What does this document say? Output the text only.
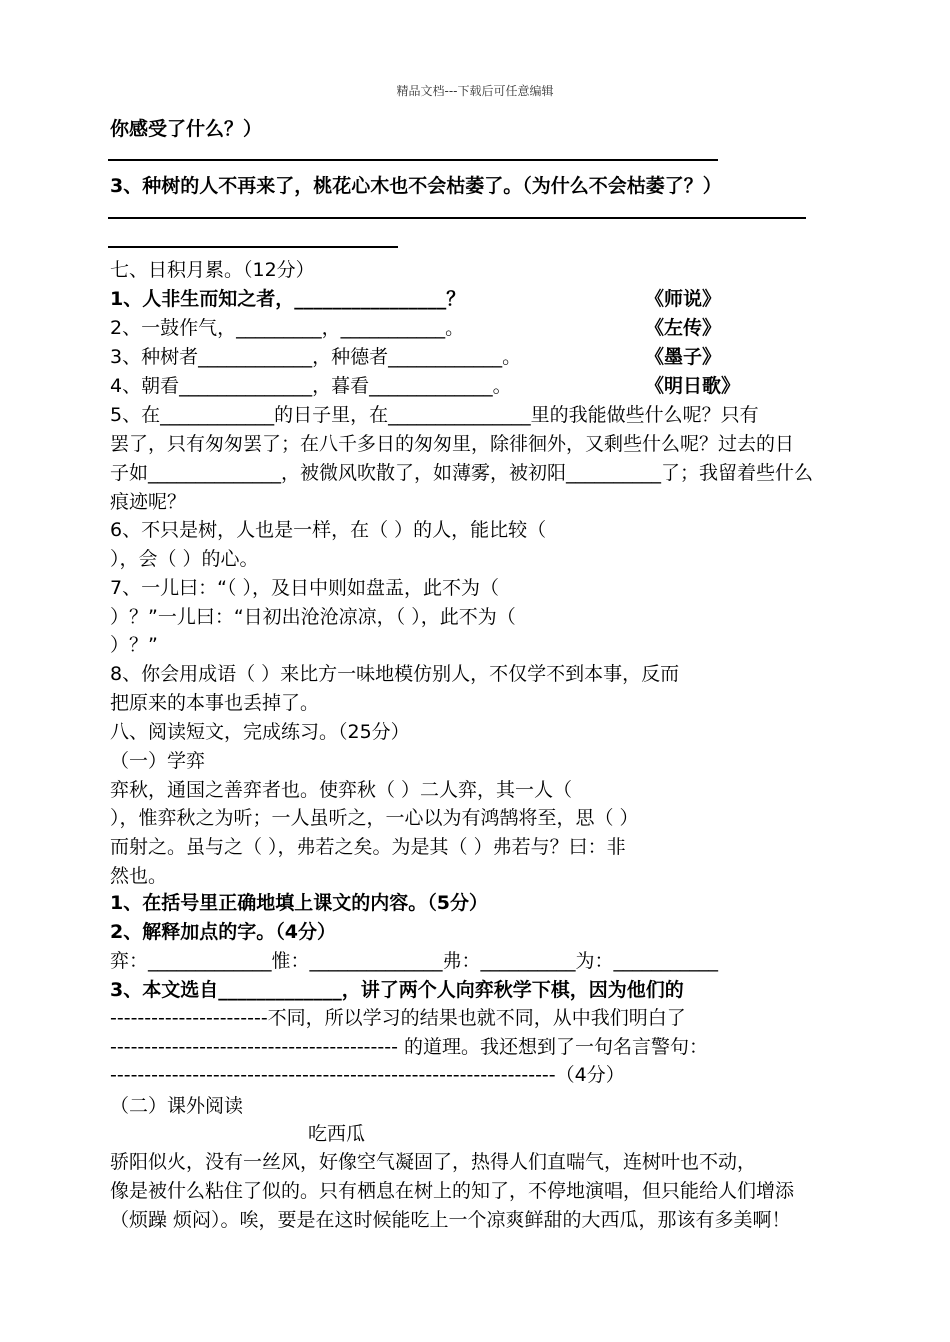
精品文档---下载后可任意编辑
你感受了什么？）
3、种树的人不再来了，桃花心木也不会枯萎了。（为什么不会枯萎了？）
七、日积月累。（12分）
1、人非生而知之者，________________？	《师说》
2、一鼓作气，_________，___________。	《左传》
3、种树者____________，种德者____________。	《墨子》
4、朝看______________，暮看_____________。	《明日歌》
5、在____________的日子里，在_______________里的我能做些什么呢？只有
罢了，只有匆匆罢了；在八千多日的匆匆里，除徘徊外，又剩些什么呢？过去的日
子如______________，被微风吹散了，如薄雾，被初阳__________了；我留着些什么
痕迹呢？
6、不只是树，人也是一样，在（ ）的人，能比较（
），会（ ）的心。
7、一儿曰：“（ ），及日中则如盘盂，此不为（
）？”一儿曰：“日初出沧沧凉凉，（ ），此不为（
）？”
8、你会用成语（ ）来比方一味地模仿别人，不仅学不到本事，反而
把原来的本事也丢掉了。
八、阅读短文，完成练习。（25分）
（一）学弈
弈秋，通国之善弈者也。使弈秋（ ）二人弈，其一人（
），惟弈秋之为听；一人虽听之，一心以为有鸿鹄将至，思（ ）
而射之。虽与之（ ），弗若之矣。为是其（ ）弗若与？曰：非
然也。
1、在括号里正确地填上课文的内容。（5分）
2、解释加点的字。（4分）
弈：_____________惟：______________弗：__________为：___________
3、本文选自_____________，讲了两个人向弈秋学下棋，因为他们的
-----------------------不同，所以学习的结果也就不同，从中我们明白了
------------------------------------------ 的道理。我还想到了一句名言警句：
-----------------------------------------------------------------（4分）
（二）课外阅读
吃西瓜
骄阳似火，没有一丝风，好像空气凝固了，热得人们直喘气，连树叶也不动，
像是被什么粘住了似的。只有栖息在树上的知了，不停地演唱，但只能给人们增添
（烦躁 烦闷）。唉，要是在这时候能吃上一个凉爽鲜甜的大西瓜，那该有多美啊！
